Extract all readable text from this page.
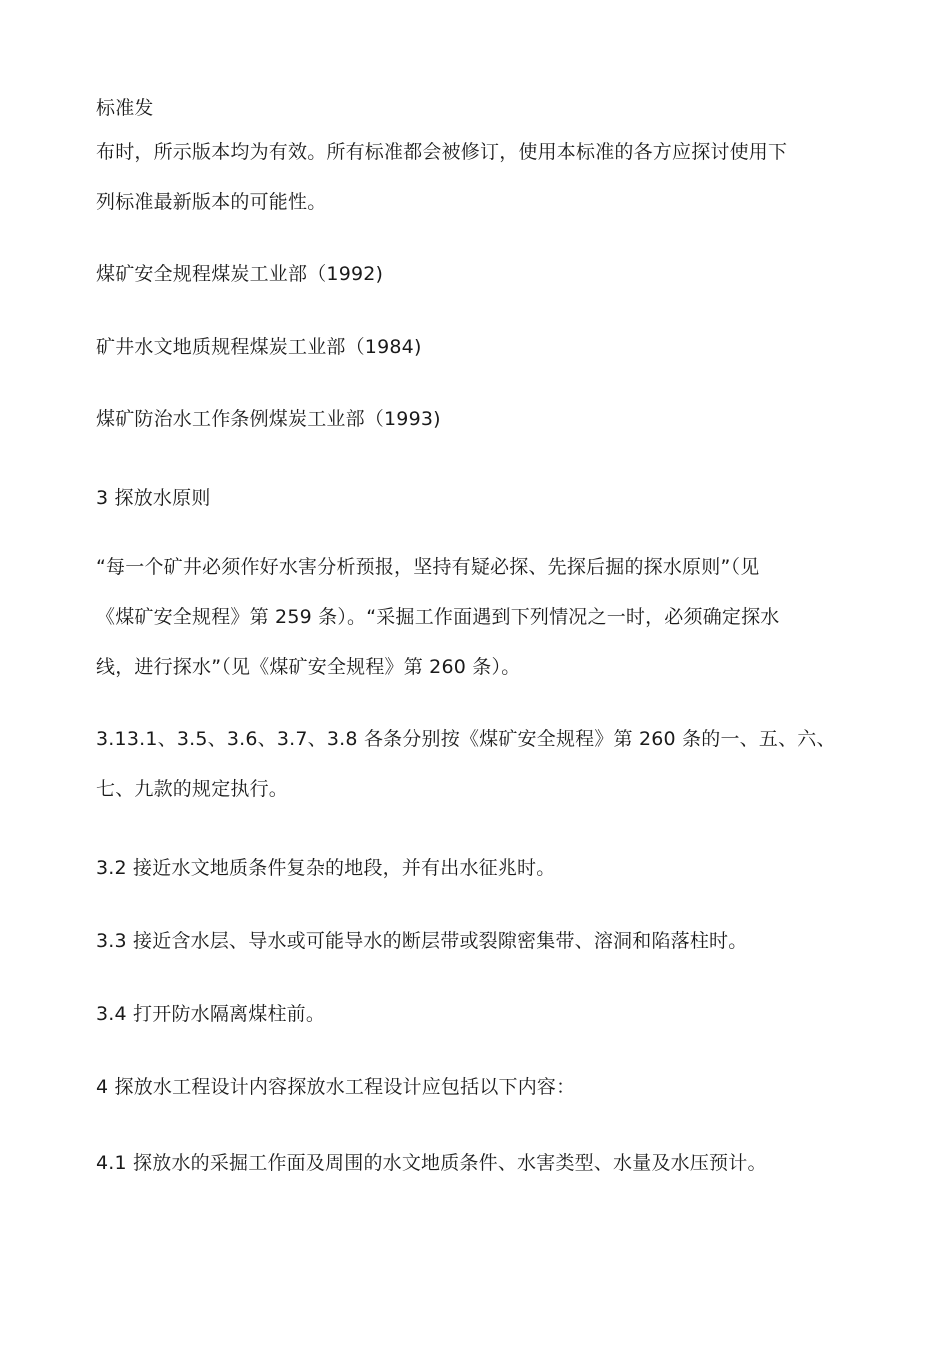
标准发
布时，所示版本均为有效。所有标准都会被修订，使用本标准的各方应探讨使用下
列标准最新版本的可能性。
煤矿安全规程煤炭工业部（1992)
矿井水文地质规程煤炭工业部（1984)
煤矿防治水工作条例煤炭工业部（1993)
3 探放水原则
“每一个矿井必须作好水害分析预报，坚持有疑必探、先探后掘的探水原则”（见
《煤矿安全规程》第 259 条）。“采掘工作面遇到下列情况之一时，必须确定探水
线，进行探水”（见《煤矿安全规程》第 260 条）。
3.13.1、3.5、3.6、3.7、3.8 各条分别按《煤矿安全规程》第 260 条的一、五、六、
七、九款的规定执行。
3.2 接近水文地质条件复杂的地段，并有出水征兆时。
3.3 接近含水层、导水或可能导水的断层带或裂隙密集带、溶洞和陷落柱时。
3.4 打开防水隔离煤柱前。
4 探放水工程设计内容探放水工程设计应包括以下内容：
4.1 探放水的采掘工作面及周围的水文地质条件、水害类型、水量及水压预计。
